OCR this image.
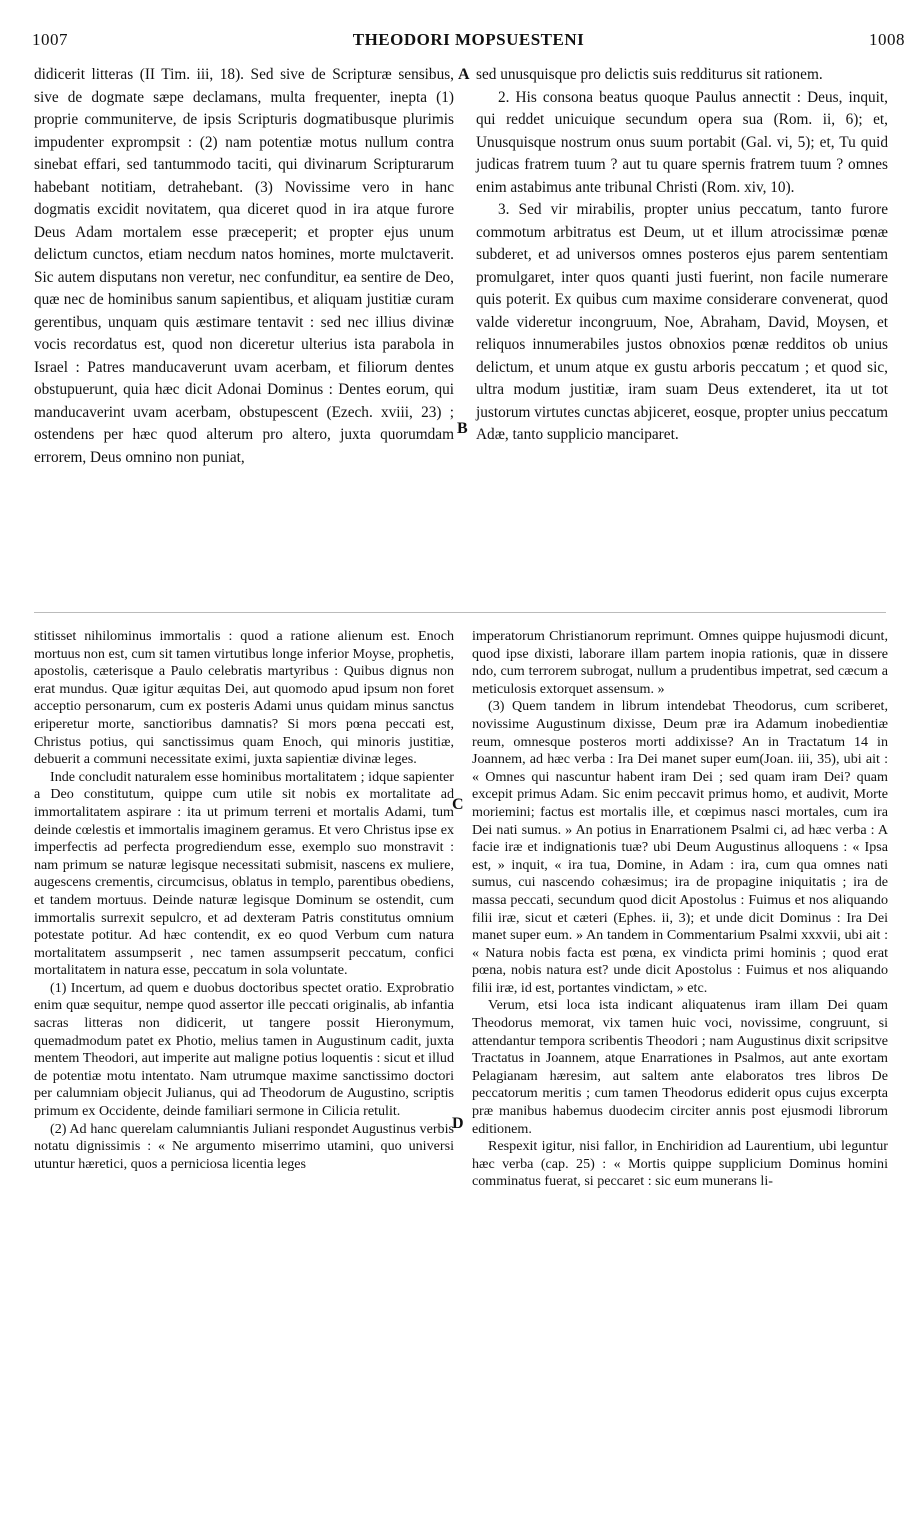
1007	THEODORI MOPSUESTENI	1008

didicerit litteras (II Tim. iii, 18). Sed sive de Scripturæ sensibus, sive de dogmate sæpe declamans, multa frequenter, inepta (1) proprie communiterve, de ipsis Scripturis dogmatibusque plurimis impudenter exprompsit : (2) nam potentiæ motus nullum contra sinebat effari, sed tantummodo taciti, qui divinarum Scripturarum habebant notitiam, detrahebant. (3) Novissime vero in hanc dogmatis excidit novitatem, qua diceret quod in ira atque furore Deus Adam mortalem esse præceperit; et propter ejus unum delictum cunctos, etiam necdum natos homines, morte mulctaverit. Sic autem disputans non veretur, nec confunditur, ea sentire de Deo, quæ nec de hominibus sanum sapientibus, et aliquam justitiæ curam gerentibus, unquam quis æstimare tentavit : sed nec illius divinæ vocis recordatus est, quod non diceretur ulterius ista parabola in Israel : Patres manducaverunt uvam acerbam, et filiorum dentes obstupuerunt, quia hæc dicit Adonai Dominus : Dentes eorum, qui manducaverint uvam acerbam, obstupescent (Ezech. xviii, 23) ; ostendens per hæc quod alterum pro altero, juxta quorumdam errorem, Deus omnino non puniat,

sed unusquisque pro delictis suis redditurus sit rationem.

2. His consona beatus quoque Paulus annectit : Deus, inquit, qui reddet unicuique secundum opera sua (Rom. ii, 6); et, Unusquisque nostrum onus suum portabit (Gal. vi, 5); et, Tu quid judicas fratrem tuum ? aut tu quare spernis fratrem tuum ? omnes enim astabimus ante tribunal Christi (Rom. xiv, 10).

3. Sed vir mirabilis, propter unius peccatum, tanto furore commotum arbitratus est Deum, ut et illum atrocissimæ pœnæ subderet, et ad universos omnes posteros ejus parem sententiam promulgaret, inter quos quanti justi fuerint, non facile numerare quis poterit. Ex quibus cum maxime considerare convenerat, quod valde videretur incongruum, Noe, Abraham, David, Moysen, et reliquos innumerabiles justos obnoxios pœnæ redditos ob unius delictum, et unum atque ex gustu arboris peccatum ; et quod sic, ultra modum justitiæ, iram suam Deus extenderet, ita ut tot justorum virtutes cunctas abjiceret, eosque, propter unius peccatum Adæ, tanto supplicio manciparet.

stitisset nihilominus immortalis : quod a ratione alienum est. Enoch mortuus non est, cum sit tamen virtutibus longe inferior Moyse, prophetis, apostolis, cæterisque a Paulo celebratis martyribus : Quibus dignus non erat mundus. Quæ igitur æquitas Dei, aut quomodo apud ipsum non foret acceptio personarum, cum ex posteris Adami unus quidam minus sanctus eriperetur morte, sanctioribus damnatis? Si mors pœna peccati est, Christus potius, qui sanctissimus quam Enoch, qui minoris justitiæ, debuerit a communi necessitate eximi, juxta sapientiæ divinæ leges.

Inde concludit naturalem esse hominibus mortalitatem ; idque sapienter a Deo constitutum, quippe cum utile sit nobis ex mortalitate ad immortalitatem aspirare : ita ut primum terreni et mortalis Adami, tum deinde cœlestis et immortalis imaginem geramus. Et vero Christus ipse ex imperfectis ad perfecta progrediendum esse, exemplo suo monstravit : nam primum se naturæ legisque necessitati submisit, nascens ex muliere, augescens crementis, circumcisus, oblatus in templo, parentibus obediens, et tandem mortuus. Deinde naturæ legisque Dominum se ostendit, cum immortalis surrexit sepulcro, et ad dexteram Patris constitutus omnium potestate potitur. Ad hæc contendit, ex eo quod Verbum cum natura mortalitatem assumpserit , nec tamen assumpserit peccatum, confici mortalitatem in natura esse, peccatum in sola voluntate.

(1) Incertum, ad quem e duobus doctoribus spectet oratio. Exprobratio enim quæ sequitur, nempe quod assertor ille peccati originalis, ab infantia sacras litteras non didicerit, ut tangere possit Hieronymum, quemadmodum patet ex Photio, melius tamen in Augustinum cadit, juxta mentem Theodori, aut imperite aut maligne potius loquentis : sicut et illud de potentiæ motu intentato. Nam utrumque maxime sanctissimo doctori per calumniam objecit Julianus, qui ad Theodorum de Augustino, scriptis primum ex Occidente, deinde familiari sermone in Cilicia retulit.

(2) Ad hanc querelam calumniantis Juliani respondet Augustinus verbis notatu dignissimis : « Ne argumento miserrimo utamini, quo universi utuntur hæretici, quos a perniciosa licentia leges

imperatorum Christianorum reprimunt. Omnes quippe hujusmodi dicunt, quod ipse dixisti, laborare illam partem inopia rationis, quæ in dissere ndo, cum terrorem subrogat, nullum a prudentibus impetrat, sed cæcum a meticulosis extorquet assensum. »

(3) Quem tandem in librum intendebat Theodorus, cum scriberet, novissime Augustinum dixisse, Deum præ ira Adamum inobedientiæ reum, omnesque posteros morti addixisse? An in Tractatum 14 in Joannem, ad hæc verba : Ira Dei manet super eum(Joan. iii, 35), ubi ait : « Omnes qui nascuntur habent iram Dei ; sed quam iram Dei? quam excepit primus Adam. Sic enim peccavit primus homo, et audivit, Morte morieminі; factus est mortalis ille, et cœpimus nasci mortales, cum ira Dei nati sumus. » An potius in Enarrationem Psalmi ci, ad hæc verba : A facie iræ et indignationis tuæ? ubi Deum Augustinus alloquens : « Ipsa est, » inquit, « ira tua, Domine, in Adam : ira, cum qua omnes nati sumus, cui nascendo cohæsimus; ira de propagine iniquitatis ; ira de massa peccati, secundum quod dicit Apostolus : Fuimus et nos aliquando filii iræ, sicut et cæteri (Ephes. ii, 3); et unde dicit Dominus : Ira Dei manet super eum. » An tandem in Commentarium Psalmi xxxvii, ubi ait : « Natura nobis facta est pœna, ex vindicta primi hominis ; quod erat pœna, nobis natura est? unde dicit Apostolus : Fuimus et nos aliquando filii iræ, id est, portantes vindictam, » etc.

Verum, etsi loca ista indicant aliquatenus iram illam Dei quam Theodorus memorat, vix tamen huic voci, novissime, congruunt, si attendantur tempora scribentis Theodori ; nam Augustinus dixit scripsitve Tractatus in Joannem, atque Enarrationes in Psalmos, aut ante exortam Pelagianam hæresim, aut saltem ante elaboratos tres libros De peccatorum meritis ; cum tamen Theodorus ediderit opus cujus excerpta præ manibus habemus duodecim circiter annis post ejusmodi librorum editionem.

Respexit igitur, nisi fallor, in Enchiridion ad Laurentium, ubi leguntur hæc verba (cap. 25) : « Mortis quippe supplicium Dominus homini comminatus fuerat, si peccaret : sic eum munerans li-

A
B
C
D
